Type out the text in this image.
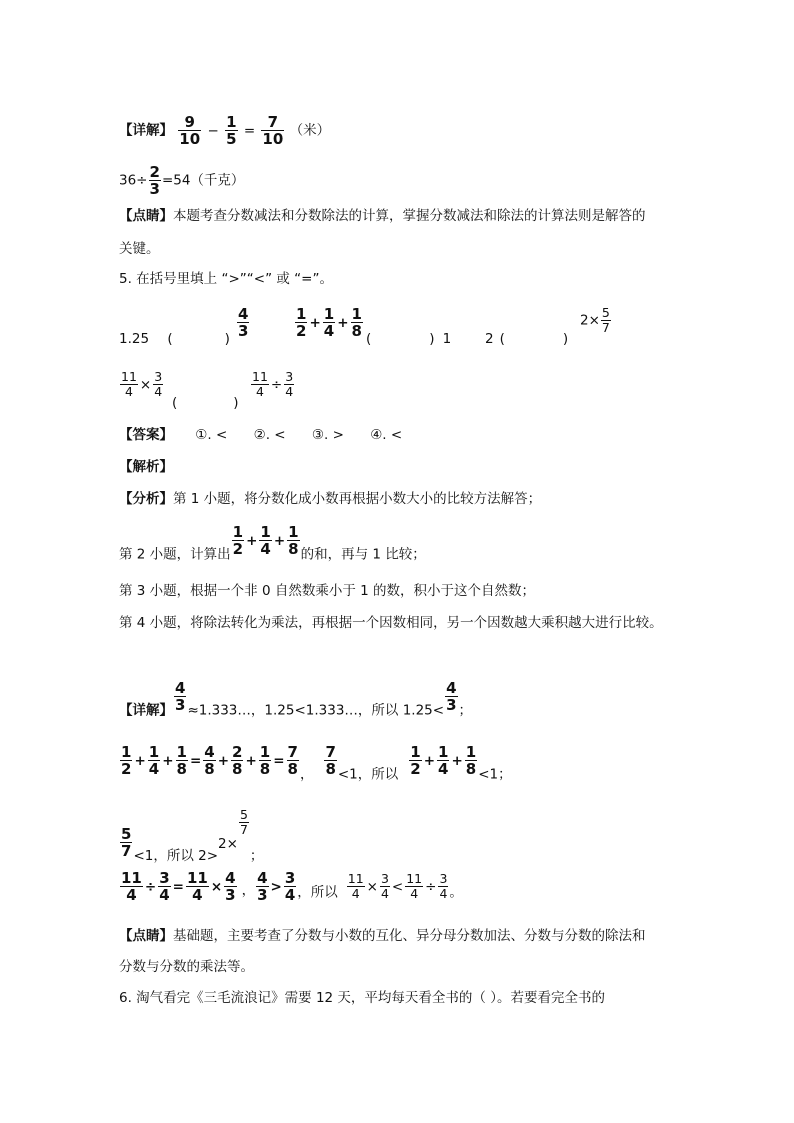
【详解】 $\frac{9}{10} - \frac{1}{5} = \frac{7}{10}$ （米）
$36\div \frac{2}{3} =54$（千克）
【点睛】本题考查分数减法和分数除法的计算，掌握分数减法和除法的计算法则是解答的
关键。
5. 在括号里填上 “>”“<” 或 “=”。
1.25 (	) $\frac{4}{3}$	$\frac{1}{2} + \frac{1}{4} + \frac{1}{8}$ (	) 1	2 (	)
$2\times \frac{5}{7}$
$\frac{11}{4} \times \frac{3}{4}$
(	)
$\frac{11}{4} \div \frac{3}{4}$
【答案】 ①. < ②. < ③. > ④. <
【解析】
【分析】第 1 小题，将分数化成小数再根据小数大小的比较方法解答；
第 2 小题，计算出 $\frac{1}{2} + \frac{1}{4} + \frac{1}{8}$ 的和，再与 1 比较；
第 3 小题，根据一个非 0 自然数乘小于 1 的数，积小于这个自然数；
第 4 小题，将除法转化为乘法，再根据一个因数相同，另一个因数越大乘积越大进行比较。
【详解】 $\frac{4}{3}$ ≈1.333…，1.25<1.333…，所以 $1.25< \frac{4}{3}$ ；
$\frac{1}{2} + \frac{1}{4} + \frac{1}{8} = \frac{4}{8} + \frac{2}{8} + \frac{1}{8} = \frac{7}{8}$ ， $\frac{7}{8} <1$，所以 $\frac{1}{2} + \frac{1}{4} + \frac{1}{8} <1$；
$\frac{5}{7} <1$，所以 2>2×
$\frac{5}{7}$
；
$\frac{11}{4} \div \frac{3}{4} = \frac{11}{4} \times \frac{4}{3}$ ， $\frac{4}{3} > \frac{3}{4}$ ，所以 $\frac{11}{4} \times \frac{3}{4} < \frac{11}{4} \div \frac{3}{4}$ 。
【点睛】基础题，主要考查了分数与小数的互化、异分母分数加法、分数与分数的除法和
分数与分数的乘法等。
6. 淘气看完《三毛流浪记》需要 12 天，平均每天看全书的（ ）。若要看完全书的
